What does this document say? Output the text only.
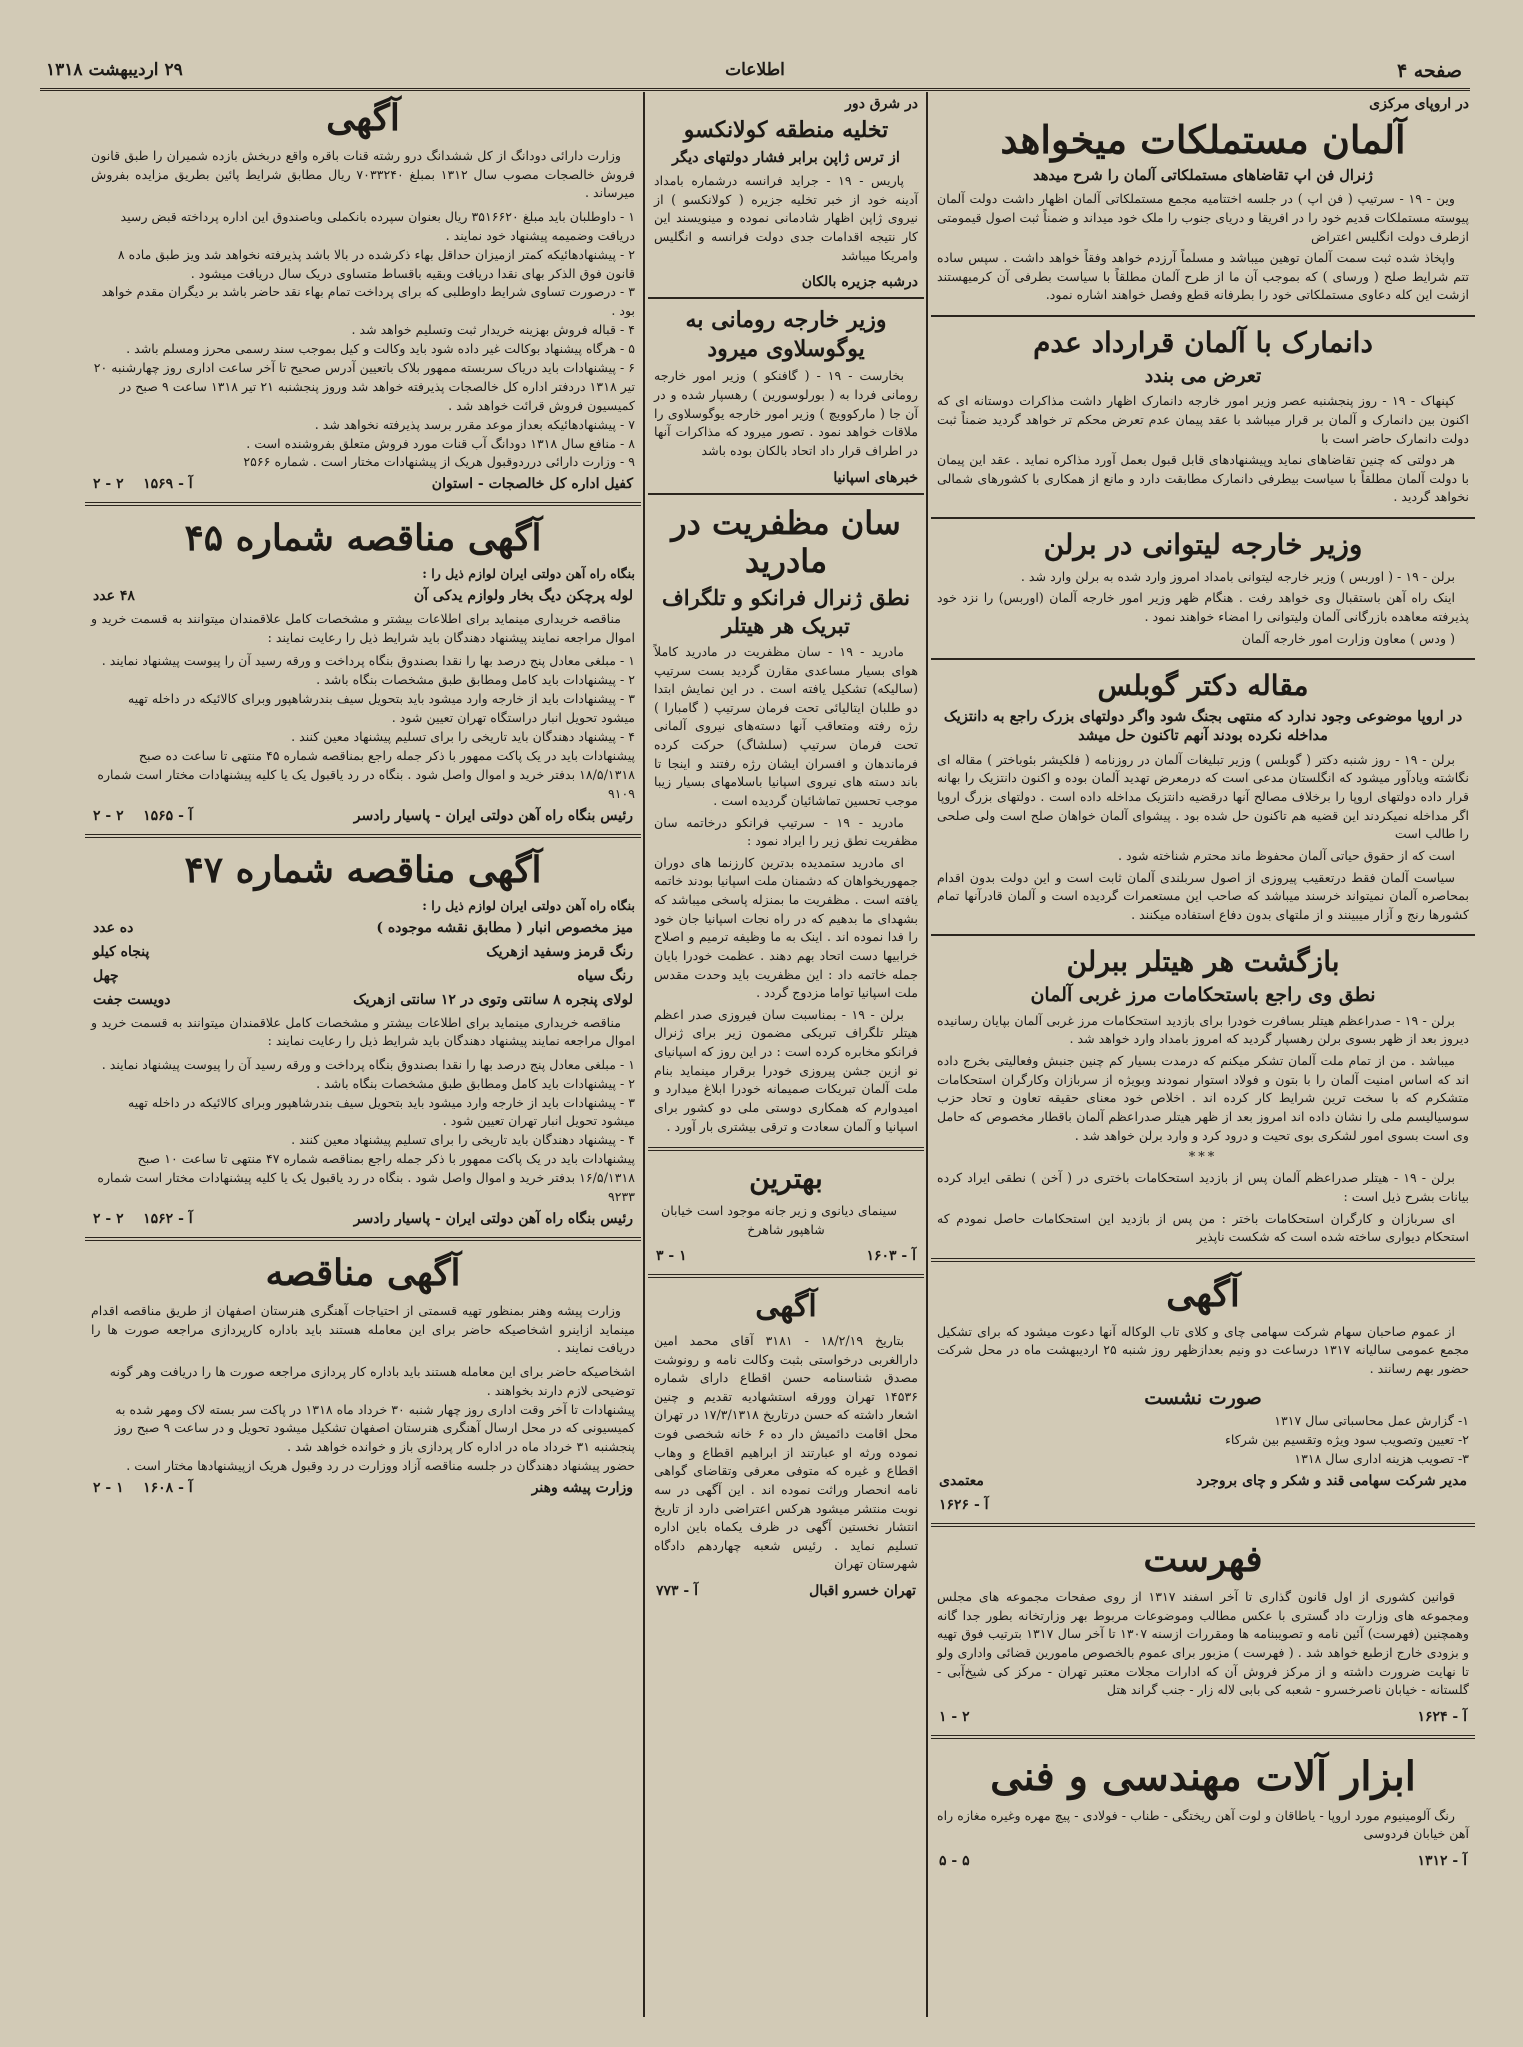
صفحه ۴
اطلاعات
۲۹ اردیبهشت ۱۳۱۸
در اروپای مرکزی
آلمان مستملکات میخواهد
ژنرال فن اپ تقاضاهای مستملکاتی آلمان را شرح میدهد

وین - ۱۹ - سرتیپ ( فن اپ ) در جلسه اختتامیه مجمع مستملکاتی آلمان اظهار داشت دولت آلمان پیوسته مستملکات قدیم خود را در افریقا و دریای جنوب را ملک خود میداند و ضمناً ثبت اصول قیمومتی ازطرف دولت انگلیس اعتراض

واپخاذ شده ثبت سمت آلمان توهین میباشد و مسلماً آرزدم خواهد وفقاً خواهد داشت . سپس ساده تتم شرایط صلح ( ورسای ) که بموجب آن ما از طرح آلمان مطلقاً با سیاست بطرفی آن کرمیهستند ازشت این کله دعاوی مستملکاتی خود را بطرفانه قطع وفصل خواهند اشاره نمود.

دانمارک با آلمان قرارداد عدم
تعرض می بندد

کپنهاک - ۱۹ - روز پنجشنبه عصر وزیر امور خارجه دانمارک اظهار داشت مذاکرات دوستانه ای که اکنون بین دانمارک و آلمان بر قرار میباشد با عقد پیمان عدم تعرض محکم تر خواهد گردید ضمناً ثبت دولت دانمارک حاضر است با

هر دولتی که چنین تقاضاهای نماید وپیشنهادهای قابل قبول بعمل آورد مذاکره نماید . عقد این پیمان با دولت آلمان مطلقاً با سیاست بیطرفی دانمارک مطابقت دارد و مانع از همکاری با کشورهای شمالی نخواهد گردید .

وزیر خارجه لیتوانی در برلن

برلن - ۱۹ - ( اوربس ) وزیر خارجه لیتوانی بامداد امروز وارد شده به برلن وارد شد .

اینک راه آهن باستقبال وی خواهد رفت . هنگام ظهر وزیر امور خارجه آلمان (اوربس) را نزد خود پذیرفته معاهده بازرگانی آلمان ولیتوانی را امضاء خواهند نمود .

( ودس ) معاون وزارت امور خارجه آلمان

مقاله دکتر گوبلس
در اروپا موضوعی وجود ندارد که منتهی بجنگ شود واگر دولتهای بزرک راجع به دانتزیک مداخله نکرده بودند آنهم تاکنون حل میشد

برلن - ۱۹ - روز شنبه دکتر ( گوبلس ) وزیر تبلیغات آلمان در روزنامه ( فلکیشر بئوباختر ) مقاله ای نگاشته ویادآور میشود که انگلستان مدعی است که درمعرض تهدید آلمان بوده و اکنون دانتزیک را بهانه قرار داده دولتهای اروپا را برخلاف مصالح آنها درقضیه دانتزیک مداخله داده است . دولتهای بزرگ اروپا اگر مداخله نمیکردند این قضیه هم تاکنون حل شده بود . پیشوای آلمان خواهان صلح است ولی صلحی را طالب است

است که از حقوق حیاتی آلمان محفوظ ماند محترم شناخته شود .

سیاست آلمان فقط درتعقیب پیروزی از اصول سربلندی آلمان ثابت است و این دولت بدون اقدام بمحاصره آلمان نمیتواند خرسند میباشد که صاحب این مستعمرات گردیده است و آلمان قادرآنها تمام کشورها رنج و آزار میبینند و از ملتهای بدون دفاع استفاده میکنند .

بازگشت هر هیتلر ببرلن
نطق وی راجع باستحکامات مرز غربی آلمان

برلن - ۱۹ - صدراعظم هیتلر بسافرت خودرا برای بازدید استحکامات مرز غربی آلمان بپایان رسانیده دیروز بعد از ظهر بسوی برلن رهسپار گردید که امروز بامداد وارد خواهد شد .

میباشد . من از تمام ملت آلمان تشکر میکنم که درمدت بسیار کم چنین جنبش وفعالیتی بخرج داده اند که اساس امنیت آلمان را با بتون و فولاد استوار نمودند وبویژه از سربازان وکارگران استحکامات متشکرم که با سخت ترین شرایط کار کرده اند . اخلاص خود معنای حقیقه تعاون و تحاد حزب سوسیالیسم ملی را نشان داده اند امروز بعد از ظهر هیتلر صدراعظم آلمان باقطار مخصوص که حامل وی است بسوی امور لشکری بوی تحیت و درود کرد و وارد برلن خواهد شد .

***

برلن - ۱۹ - هیتلر صدراعظم آلمان پس از بازدید استحکامات باختری در ( آخن ) نطقی ایراد کرده بیانات بشرح ذیل است :

ای سربازان و کارگران استحکامات باختر : من پس از بازدید این استحکامات حاصل نمودم که استحکام دیواری ساخته شده است که شکست ناپذیر

آگهی

از عموم صاحبان سهام شرکت سهامی چای و کلای تاب الوکاله آنها دعوت میشود که برای تشکیل مجمع عمومی سالیانه ۱۳۱۷ درساعت دو ونیم بعدازظهر روز شنبه ۲۵ اردیبهشت ماه در محل شرکت حضور بهم رسانند .

صورت نشست
۱- گزارش عمل محاسباتی سال ۱۳۱۷
۲- تعیین وتصویب سود ویژه وتقسیم بین شرکاء
۳- تصویب هزینه اداری سال ۱۳۱۸
مدیر شرکت سهامی قند و شکر و چای بروجرد
معتمدی
آ - ۱۶۲۶
فهرست

قوانین کشوری از اول قانون گذاری تا آخر اسفند ۱۳۱۷ از روی صفحات مجموعه های مجلس ومجموعه های وزارت داد گستری با عکس مطالب وموضوعات مربوط بهر وزارتخانه بطور جدا گانه وهمچنین (فهرست) آئین نامه و تصویبنامه ها ومقررات ازسنه ۱۳۰۷ تا آخر سال ۱۳۱۷ بترتیب فوق تهیه و بزودی خارج ازطبع خواهد شد . ( فهرست ) مزبور برای عموم بالخصوص مامورین قضائی واداری ولو تا نهایت ضرورت داشته و از مرکز فروش آن که ادارات مجلات معتبر تهران - مرکز کی شیخ‌آبی - گلستانه - خیابان ناصرخسرو - شعبه کی بابی لاله زار - جنب گراند هتل

آ - ۱۶۲۴
۲ - ۱
ابزار آلات مهندسی و فنی

رنگ آلومینیوم مورد اروپا - یاطاقان و لوت آهن ریختگی - طناب - فولادی - پیچ مهره وغیره مغازه راه آهن خیابان فردوسی

آ - ۱۳۱۲
۵ - ۵
در شرق دور
تخلیه منطقه کولانکسو
از ترس ژاپن برابر فشار دولتهای دیگر

پاریس - ۱۹ - جراید فرانسه درشماره بامداد آدینه خود از خبر تخلیه جزیره ( کولانکسو ) از نیروی ژاپن اظهار شادمانی نموده و مینویسند این کار نتیجه اقدامات جدی دولت فرانسه و انگلیس وامریکا میباشد

درشبه جزیره بالکان
وزیر خارجه رومانی به یوگوسلاوی میرود

بخارست - ۱۹ - ( گافنکو ) وزیر امور خارجه رومانی فردا به ( بورلوسورین ) رهسپار شده و در آن جا ( مارکوویچ ) وزیر امور خارجه یوگوسلاوی را ملاقات خواهد نمود . تصور میرود که مذاکرات آنها در اطراف قرار داد اتحاد بالکان بوده باشد

خبرهای اسپانیا
سان مظفریت در مادرید
نطق ژنرال فرانکو و تلگراف تبریک هر هیتلر

مادرید - ۱۹ - سان مظفریت در مادرید کاملاً هوای بسیار مساعدی مقارن گردید بست سرتیپ (ساليكه) تشكيل یافته است . در این نمایش ابتدا دو طلبان ایتالیائی تحت فرمان سرتیپ ( گامبارا ) رژه رفته ومتعاقب آنها دسته‌های نیروی آلمانی تحت فرمان سرتیپ (سلشاگ) حرکت کرده فرماندهان و افسران ایشان رژه رفتند و اینجا تا باند دسته های نیروی اسپانیا باسلامهای بسیار زیبا موجب تحسین تماشائیان گردیده است .

مادرید - ۱۹ - سرتیپ فرانکو درخاتمه سان مظفریت نطق زیر را ایراد نمود :

ای مادرید ستمدیده بدترین کارزنما های دوران جمهوریخواهان که دشمنان ملت اسپانیا بودند خاتمه یافته است . مظفریت ما بمنزله پاسخی میباشد که بشهدای ما بدهیم که در راه نجات اسپانیا جان خود را فدا نموده اند . اینک به ما وظیفه ترمیم و اصلاح خرابیها دست اتحاد بهم دهند . عظمت خودرا بایان جمله خاتمه داد : این مظفریت باید وحدت مقدس ملت اسپانیا تواما مزدوج گردد .

برلن - ۱۹ - بمناسبت سان فیروزی صدر اعظم هیتلر تلگراف تبریکی مضمون زیر برای ژنرال فرانکو مخابره کرده است : در این روز که اسپانیای نو ازین جشن پیروزی خودرا برقرار مینماید بنام ملت آلمان تبریکات صمیمانه خودرا ابلاغ میدارد و امیدوارم که همکاری دوستی ملی دو کشور برای اسپانیا و آلمان سعادت و ترقی بیشتری بار آورد .

بهترین

سینمای دیانوی و زیر جانه موجود است خیابان شاهپور شاهرخ

آ - ۱۶۰۳
۱ - ۳
آگهی

بتاریخ ۱۸/۲/۱۹ - ۳۱۸۱ آقای محمد امین دارالغربی درخواستی بثبت وکالت نامه و رونوشت مصدق شناسنامه حسن اقطاع دارای شماره ۱۴۵۳۶ تهران وورقه استشهادیه تقدیم و چنین اشعار داشته که حسن درتاریخ ۱۷/۳/۱۳۱۸ در تهران محل اقامت دائمیش دار ده ۶ خانه شخصی فوت نموده ورثه او عبارتند از ابراهیم اقطاع و وهاب اقطاع و غیره که متوفی معرفی وتقاضای گواهی نامه انحصار وراثت نموده اند . این آگهی در سه نوبت منتشر میشود هرکس اعتراضی دارد از تاریخ انتشار نخستین آگهی در ظرف یکماه باین اداره تسلیم نماید . رئیس شعبه چهاردهم دادگاه شهرستان تهران

تهران خسرو اقبال
آ - ۷۷۳
آگهی

وزارت دارائی دودانگ از کل ششدانگ درو رشته قنات باقره واقع دربخش بازده شمیران را طبق قانون فروش خالصجات مصوب سال ۱۳۱۲ بمبلغ ۷۰۳۳۲۴۰ ریال مطابق شرایط پائین بطریق مزایده بفروش میرساند .

۱ - داوطلبان باید مبلغ ۳۵۱۶۶۲۰ ریال بعنوان سپرده بانکملی وباصندوق این اداره پرداخته قبض رسید دریافت وضمیمه پیشنهاد خود نمایند .
۲ - پیشنهادهائیکه کمتر ازمیزان حداقل بهاء ذکرشده در بالا باشد پذیرفته نخواهد شد ویز طبق ماده ۸ قانون فوق الذکر بهای نقدا دریافت وبقیه باقساط متساوی دریک سال دریافت میشود .
۳ - درصورت تساوی شرایط داوطلبی که برای پرداخت تمام بهاء نقد حاضر باشد بر دیگران مقدم خواهد بود .
۴ - قباله فروش بهزینه خریدار ثبت وتسلیم خواهد شد .
۵ - هرگاه پیشنهاد بوکالت غیر داده شود باید وکالت و کیل بموجب سند رسمی محرز ومسلم باشد .
۶ - پیشنهادات باید دریاک سربسته ممهور بلاک باتعیین آدرس صحیح تا آخر ساعت اداری روز چهارشنبه ۲۰ تیر ۱۳۱۸ دردفتر اداره کل خالصجات پذیرفته خواهد شد وروز پنجشنبه ۲۱ تیر ۱۳۱۸ ساعت ۹ صبح در کمیسیون فروش قرائت خواهد شد .
۷ - پیشنهادهائیکه بعداز موعد مقرر برسد پذیرفته نخواهد شد .
۸ - منافع سال ۱۳۱۸ دودانگ آب قنات مورد فروش متعلق بفروشنده است .
۹ - وزارت دارائی درردوقبول هریک از پیشنهادات مختار است . شماره ۲۵۶۶
کفیل اداره کل خالصجات - استوان
آ - ۱۵۶۹    ۲ - ۲
آگهی مناقصه شماره ۴۵
بنگاه راه آهن دولتی ایران لوازم ذیل را :
لوله پرچکن دیگ بخار ولوازم یدکی آن
۴۸ عدد

مناقصه خریداری مینماید برای اطلاعات بیشتر و مشخصات کامل علاقمندان میتوانند به قسمت خرید و اموال مراجعه نمایند پیشنهاد دهندگان باید شرایط ذیل را رعایت نمایند :

۱ - مبلغی معادل پنج درصد بها را نقدا بصندوق بنگاه پرداخت و ورقه رسید آن را پیوست پیشنهاد نمایند .
۲ - پیشنهادات باید کامل ومطابق طبق مشخصات بنگاه باشد .
۳ - پیشنهادات باید از خارجه وارد میشود باید بتحویل سیف بندرشاهپور وبرای کالائیکه در داخله تهیه میشود تحویل انبار دراستگاه تهران تعیین شود .
۴ - پیشنهاد دهندگان باید تاریخی را برای تسلیم پیشنهاد معین کنند .
پیشنهادات باید در یک پاکت ممهور با ذکر جمله راجع بمناقصه شماره ۴۵ منتهی تا ساعت ده صبح ۱۸/۵/۱۳۱۸ بدفتر خرید و اموال واصل شود . بنگاه در رد یاقبول یک یا کلیه پیشنهادات مختار است شماره ۹۱۰۹
رئیس بنگاه راه آهن دولتی ایران - پاسیار رادسر
آ - ۱۵۶۵    ۲ - ۲
آگهی مناقصه شماره ۴۷
بنگاه راه آهن دولتی ایران لوازم ذیل را :
میز مخصوص انبار ( مطابق نقشه موجوده )
ده عدد
رنگ قرمز وسفید ازهریک
پنجاه کیلو
رنگ سیاه
چهل
لولای پنجره ۸ سانتی وتوی در ۱۲ سانتی ازهریک
دویست جفت

مناقصه خریداری مینماید برای اطلاعات بیشتر و مشخصات کامل علاقمندان میتوانند به قسمت خرید و اموال مراجعه نمایند پیشنهاد دهندگان باید شرایط ذیل را رعایت نمایند :

۱ - مبلغی معادل پنج درصد بها را نقدا بصندوق بنگاه پرداخت و ورقه رسید آن را پیوست پیشنهاد نمایند .
۲ - پیشنهادات باید کامل ومطابق طبق مشخصات بنگاه باشد .
۳ - پیشنهادات باید از خارجه وارد میشود باید بتحویل سیف بندرشاهپور وبرای کالائیکه در داخله تهیه میشود تحویل انبار تهران تعیین شود .
۴ - پیشنهاد دهندگان باید تاریخی را برای تسلیم پیشنهاد معین کنند .
پیشنهادات باید در یک پاکت ممهور با ذکر جمله راجع بمناقصه شماره ۴۷ منتهی تا ساعت ۱۰ صبح ۱۶/۵/۱۳۱۸ بدفتر خرید و اموال واصل شود . بنگاه در رد یاقبول یک یا کلیه پیشنهادات مختار است شماره ۹۲۳۳
رئیس بنگاه راه آهن دولتی ایران - پاسیار رادسر
آ - ۱۵۶۲    ۲ - ۲
آگهی مناقصه

وزارت پیشه وهنر بمنظور تهیه قسمتی از احتیاجات آهنگری هنرستان اصفهان از طریق مناقصه اقدام مینماید ازاینرو اشخاصیکه حاضر برای این معامله هستند باید باداره کارپردازی مراجعه صورت ها را دریافت نمایند .

اشخاصیکه حاضر برای این معامله هستند باید باداره کار پردازی مراجعه صورت ها را دریافت وهر گونه توضیحی لازم دارند بخواهند .
پیشنهادات تا آخر وقت اداری روز چهار شنبه ۳۰ خرداد ماه ۱۳۱۸ در پاکت سر بسته لاک ومهر شده به کمیسیونی که در محل ارسال آهنگری هنرستان اصفهان تشکیل میشود تحویل و در ساعت ۹ صبح روز پنجشنبه ۳۱ خرداد ماه در اداره کار پردازی باز و خوانده خواهد شد .
حضور پیشنهاد دهندگان در جلسه مناقصه آزاد ووزارت در رد وقبول هریک ازپیشنهادها مختار است .
وزارت پیشه وهنر
آ - ۱۶۰۸    ۱ - ۲
